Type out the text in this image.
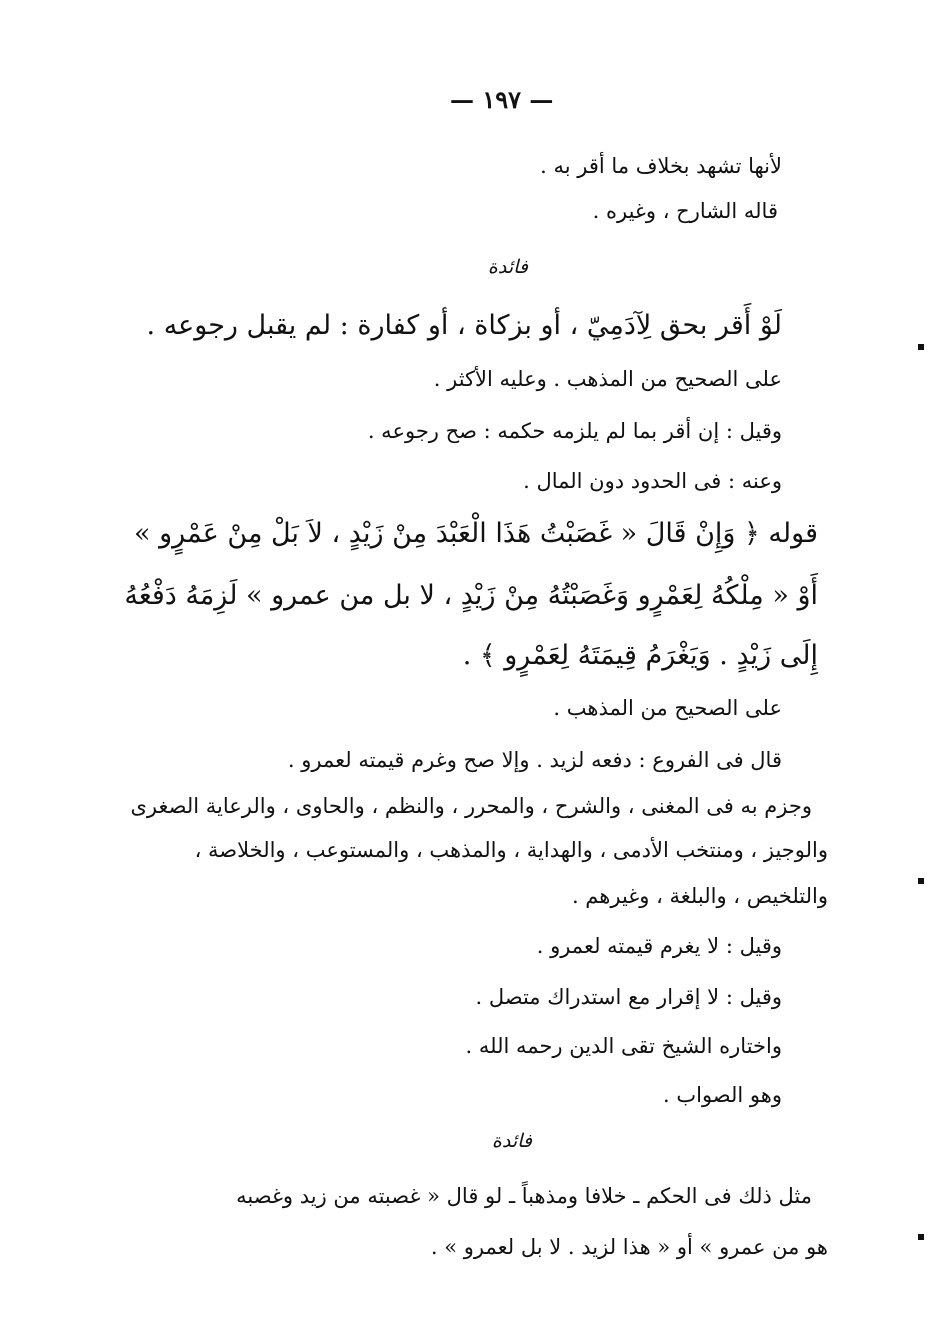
— ١٩٧ —
لأنها تشهد بخلاف ما أقر به .
قاله الشارح ، وغيره .
فائدة
لَوْ أَقر بحق لِآدَمِيّ ، أو بزكاة ، أو كفارة : لم يقبل رجوعه .
على الصحيح من المذهب . وعليه الأكثر .
وقيل : إن أقر بما لم يلزمه حكمه : صح رجوعه .
وعنه : فى الحدود دون المال .
قوله ﴿ وَإِنْ قَالَ « غَصَبْتُ هَذَا الْعَبْدَ مِنْ زَيْدٍ ، لاَ بَلْ مِنْ عَمْرٍو »
أَوْ « مِلْكُهُ لِعَمْرٍو وَغَصَبْتُهُ مِنْ زَيْدٍ ، لا بل من عمرو » لَزِمَهُ دَفْعُهُ
إِلَى زَيْدٍ . وَيَغْرَمُ قِيمَتَهُ لِعَمْرٍو ﴾ .
على الصحيح من المذهب .
قال فى الفروع : دفعه لزيد . وإلا صح وغرم قيمته لعمرو .
وجزم به فى المغنى ، والشرح ، والمحرر ، والنظم ، والحاوى ، والرعاية الصغرى
والوجيز ، ومنتخب الأدمى ، والهداية ، والمذهب ، والمستوعب ، والخلاصة ،
والتلخيص ، والبلغة ، وغيرهم .
وقيل : لا يغرم قيمته لعمرو .
وقيل : لا إقرار مع استدراك متصل .
واختاره الشيخ تقى الدين رحمه الله .
وهو الصواب .
فائدة
مثل ذلك فى الحكم ـ خلافا ومذهباً ـ لو قال « غصبته من زيد وغصبه
هو من عمرو » أو « هذا لزيد . لا بل لعمرو » .
